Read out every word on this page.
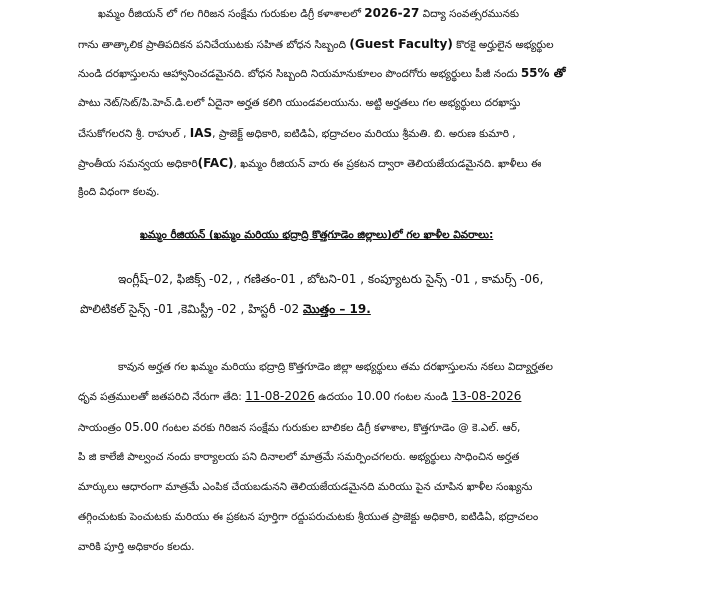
ఖమ్మం రీజియన్ లో గల గిరిజన సంక్షేమ గురుకుల డిగ్రీ కళాశాలలో 2026-27 విద్యా సంవత్సరమునకు
గాను తాత్కాలిక ప్రాతిపదికన పనిచేయుటకు సహిత బోధన సిబ్బంది (Guest Faculty) కొరకై అర్హులైన అభ్యర్థుల
నుండి దరఖాస్తులను ఆహ్వానించడమైనది. బోధన సిబ్బంది నియమానుకూలం పొందగోరు అభ్యర్థులు పీజీ నందు 55% తో
పాటు నెట్/సెట్/పి.హెచ్.డి.లలో ఏదైనా అర్హత కలిగి యుండవలయును. అట్టి అర్హతలు గల అభ్యర్థులు దరఖాస్తు
చేసుకోగలరని శ్రీ. రాహుల్ , IAS, ప్రాజెక్ట్ అధికారి, ఐటిడిఏ, భద్రాచలం మరియు శ్రీమతి. బి. అరుణ కుమారి ,
ప్రాంతీయ సమన్వయ అధికారి(FAC), ఖమ్మం రీజియన్ వారు ఈ ప్రకటన ద్వారా తెలియజేయడమైనది. ఖాళీలు ఈ
క్రింది విధంగా కలవు.
ఖమ్మం రీజియన్ (ఖమ్మం మరియు భద్రాద్రి కొత్తగూడెం జిల్లాలు)లో గల ఖాళీల వివరాలు:
ఇంగ్లీష్–02, ఫిజిక్స్ -02, , గణితం-01 , బోటని-01 , కంప్యూటరు సైన్స్ -01 , కామర్స్ -06,
పొలిటికల్ సైన్స్ -01 ,కెమిస్ట్రీ -02 , హిస్టరీ -02 మొత్తం – 19.
కావున అర్హత గల ఖమ్మం మరియు భద్రాద్రి కొత్తగూడెం జిల్లా అభ్యర్థులు తమ దరఖాస్తులను నకలు విద్యార్హతల
ధృవ పత్రములతో జతపరిచి నేరుగా తేది: 11-08-2026 ఉదయం 10.00 గంటల నుండి 13-08-2026
సాయంత్రం 05.00 గంటల వరకు గిరిజన సంక్షేమ గురుకుల బాలికల డిగ్రీ కళాశాల, కొత్తగూడెం @ కె.ఎల్. ఆర్,
పి జి కాలేజీ పాల్వంచ నందు కార్యాలయ పని దినాలలో మాత్రమే సమర్పించగలరు. అభ్యర్థులు సాధించిన అర్హత
మార్కులు ఆధారంగా మాత్రమే ఎంపిక చేయబడునని తెలియజేయడమైనది మరియు పైన చూపిన ఖాళీల సంఖ్యను
తగ్గించుటకు పెంచుటకు మరియు ఈ ప్రకటన పూర్తిగా రద్దుపరుచుటకు శ్రీయుత ప్రాజెక్టు అధికారి, ఐటిడిఏ, భద్రాచలం
వారికి పూర్తి అధికారం కలదు.
